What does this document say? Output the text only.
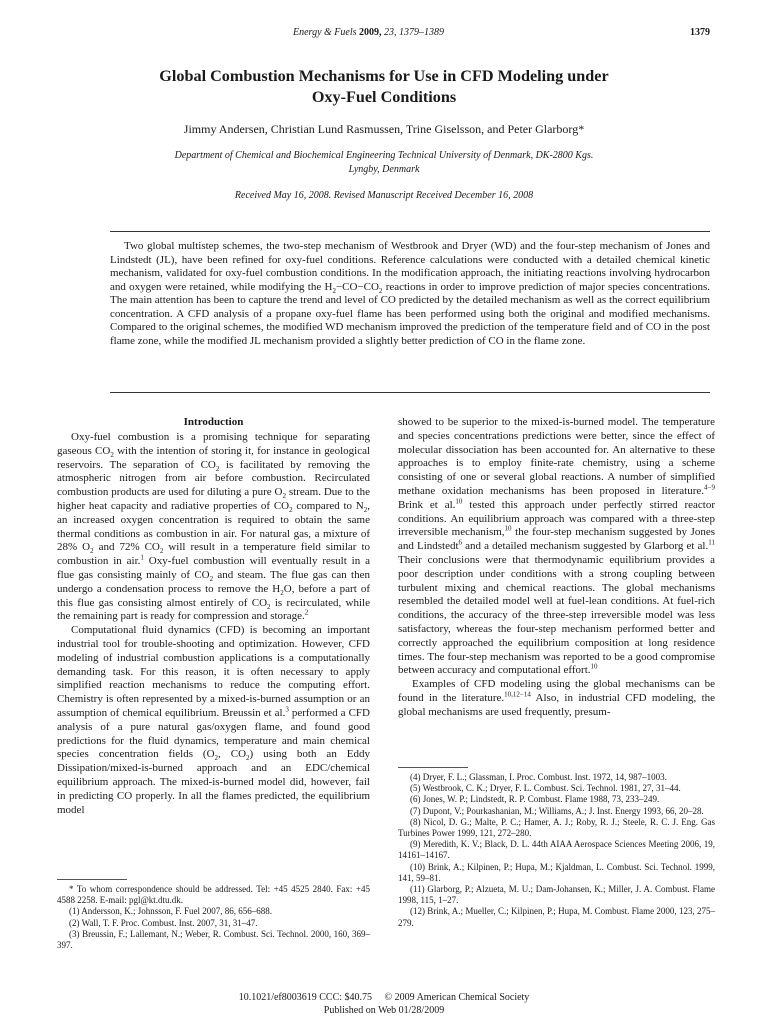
Energy & Fuels 2009, 23, 1379–1389	1379
Global Combustion Mechanisms for Use in CFD Modeling under
Oxy-Fuel Conditions
Jimmy Andersen, Christian Lund Rasmussen, Trine Giselsson, and Peter Glarborg*
Department of Chemical and Biochemical Engineering Technical University of Denmark, DK-2800 Kgs.
Lyngby, Denmark
Received May 16, 2008. Revised Manuscript Received December 16, 2008
Two global multistep schemes, the two-step mechanism of Westbrook and Dryer (WD) and the four-step mechanism of Jones and Lindstedt (JL), have been refined for oxy-fuel conditions. Reference calculations were conducted with a detailed chemical kinetic mechanism, validated for oxy-fuel combustion conditions. In the modification approach, the initiating reactions involving hydrocarbon and oxygen were retained, while modifying the $H_2-CO-CO_2$ reactions in order to improve prediction of major species concentrations. The main attention has been to capture the trend and level of CO predicted by the detailed mechanism as well as the correct equilibrium concentration. A CFD analysis of a propane oxy-fuel flame has been performed using both the original and modified mechanisms. Compared to the original schemes, the modified WD mechanism improved the prediction of the temperature field and of CO in the post flame zone, while the modified JL mechanism provided a slightly better prediction of CO in the flame zone.
Introduction

Oxy-fuel combustion is a promising technique for separating gaseous $CO_2$ with the intention of storing it, for instance in geological reservoirs. The separation of $CO_2$ is facilitated by removing the atmospheric nitrogen from air before combustion. Recirculated combustion products are used for diluting a pure $O_2$ stream. Due to the higher heat capacity and radiative properties of $CO_2$ compared to $N_2$, an increased oxygen concentration is required to obtain the same thermal conditions as combustion in air. For natural gas, a mixture of 28% $O_2$ and 72% $CO_2$ will result in a temperature field similar to combustion in air.$^1$ Oxy-fuel combustion will eventually result in a flue gas consisting mainly of $CO_2$ and steam. The flue gas can then undergo a condensation process to remove the $H_2O$, before a part of this flue gas consisting almost entirely of $CO_2$ is recirculated, while the remaining part is ready for compression and storage.$^2$

Computational fluid dynamics (CFD) is becoming an important industrial tool for trouble-shooting and optimization. However, CFD modeling of industrial combustion applications is a computationally demanding task. For this reason, it is often necessary to apply simplified reaction mechanisms to reduce the computing effort. Chemistry is often represented by a mixed-is-burned assumption or an assumption of chemical equilibrium. Breussin et al.$^3$ performed a CFD analysis of a pure natural gas/oxygen flame, and found good predictions for the fluid dynamics, temperature and main chemical species concentration fields ($O_2$, $CO_2$) using both an Eddy Dissipation/mixed-is-burned approach and an EDC/chemical equilibrium approach. The mixed-is-burned model did, however, fail in predicting CO properly. In all the flames predicted, the equilibrium model

showed to be superior to the mixed-is-burned model. The temperature and species concentrations predictions were better, since the effect of molecular dissociation has been accounted for. An alternative to these approaches is to employ finite-rate chemistry, using a scheme consisting of one or several global reactions. A number of simplified methane oxidation mechanisms has been proposed in literature.$^{4-9}$ Brink et al.$^{10}$ tested this approach under perfectly stirred reactor conditions. An equilibrium approach was compared with a three-step irreversible mechanism,$^{10}$ the four-step mechanism suggested by Jones and Lindstedt$^6$ and a detailed mechanism suggested by Glarborg et al.$^{11}$ Their conclusions were that thermodynamic equilibrium provides a poor description under conditions with a strong coupling between turbulent mixing and chemical reactions. The global mechanisms resembled the detailed model well at fuel-lean conditions. At fuel-rich conditions, the accuracy of the three-step irreversible model was less satisfactory, whereas the four-step mechanism performed better and correctly approached the equilibrium composition at long residence times. The four-step mechanism was reported to be a good compromise between accuracy and computational effort.$^{10}$

Examples of CFD modeling using the global mechanisms can be found in the literature.$^{10,12-14}$ Also, in industrial CFD modeling, the global mechanisms are used frequently, presum-

* To whom correspondence should be addressed. Tel: +45 4525 2840. Fax: +45 4588 2258. E-mail: pgl@kt.dtu.dk.
(1) Andersson, K.; Johnsson, F. Fuel 2007, 86, 656–688.
(2) Wall, T. F. Proc. Combust. Inst. 2007, 31, 31–47.
(3) Breussin, F.; Lallemant, N.; Weber, R. Combust. Sci. Technol. 2000, 160, 369–397.
(4) Dryer, F. L.; Glassman, I. Proc. Combust. Inst. 1972, 14, 987–1003.
(5) Westbrook, C. K.; Dryer, F. L. Combust. Sci. Technol. 1981, 27, 31–44.
(6) Jones, W. P.; Lindstedt, R. P. Combust. Flame 1988, 73, 233–249.
(7) Dupont, V.; Pourkashanian, M.; Williams, A.; J. Inst. Energy 1993, 66, 20–28.
(8) Nicol, D. G.; Malte, P. C.; Hamer, A. J.; Roby, R. J.; Steele, R. C. J. Eng. Gas Turbines Power 1999, 121, 272–280.
(9) Meredith, K. V.; Black, D. L. 44th AIAA Aerospace Sciences Meeting 2006, 19, 14161–14167.
(10) Brink, A.; Kilpinen, P.; Hupa, M.; Kjaldman, L. Combust. Sci. Technol. 1999, 141, 59–81.
(11) Glarborg, P.; Alzueta, M. U.; Dam-Johansen, K.; Miller, J. A. Combust. Flame 1998, 115, 1–27.
(12) Brink, A.; Mueller, C.; Kilpinen, P.; Hupa, M. Combust. Flame 2000, 123, 275–279.
10.1021/ef8003619 CCC: $40.75     © 2009 American Chemical Society
Published on Web 01/28/2009
